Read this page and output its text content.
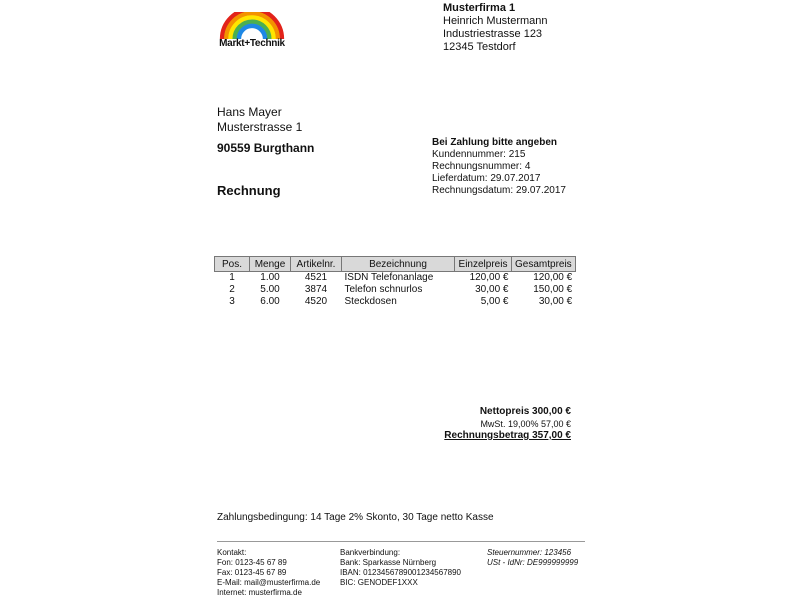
Markt+Technik
Musterfirma 1
Heinrich Mustermann
Industriestrasse 123
12345 Testdorf
Hans Mayer
Musterstrasse 1
90559 Burgthann	Bei Zahlung bitte angeben
Kundennummer: 215
Rechnungsnummer: 4
Lieferdatum: 29.07.2017
Rechnungsdatum: 29.07.2017
Rechnung
Pos.	Menge	Artikelnr.	Bezeichnung	Einzelpreis	Gesamtpreis
1	1.00	4521	ISDN Telefonanlage	120,00 €	120,00 €
2	5.00	3874	Telefon schnurlos	30,00 €	150,00 €
3	6.00	4520	Steckdosen	5,00 €	30,00 €
Nettopreis 300,00 €
MwSt. 19,00% 57,00 €
Rechnungsbetrag 357,00 €
Zahlungsbedingung: 14 Tage 2% Skonto, 30 Tage netto Kasse
Kontakt:
Fon: 0123-45 67 89
Fax: 0123-45 67 89
E-Mail: mail@musterfirma.de
Internet: musterfirma.de
Bankverbindung:
Bank: Sparkasse Nürnberg
IBAN: 012345678900123456789​0
BIC: GENODEF1XXX
Steuernummer: 123456
USt - IdNr: DE999999999
